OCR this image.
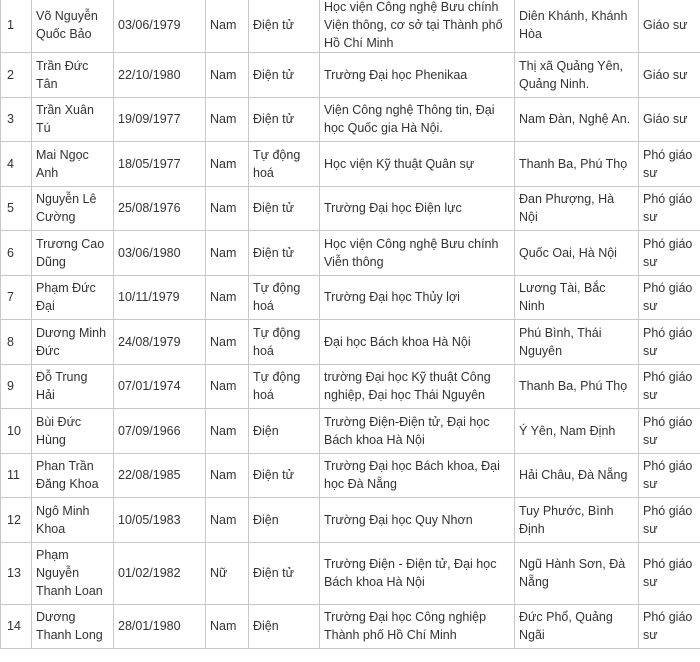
1	Võ Nguyễn Quốc Bảo	03/06/1979	Nam	Điện tử	Học viện Công nghệ Bưu chính Viện thông, cơ sở tại Thành phố Hồ Chí Minh	Diên Khánh, Khánh Hòa	Giáo sư
2	Trần Đức Tân	22/10/1980	Nam	Điện tử	Trường Đại học Phenikaa	Thị xã Quảng Yên, Quảng Ninh.	Giáo sư
3	Trần Xuân Tú	19/09/1977	Nam	Điện tử	Viện Công nghệ Thông tin, Đại học Quốc gia Hà Nội.	Nam Đàn, Nghệ An.	Giáo sư
4	Mai Ngọc Anh	18/05/1977	Nam	Tự động hoá	Học viện Kỹ thuật Quân sự	Thanh Ba, Phú Thọ	Phó giáo sư
5	Nguyễn Lê Cường	25/08/1976	Nam	Điện tử	Trường Đại học Điện lực	Đan Phượng, Hà Nội	Phó giáo sư
6	Trương Cao Dũng	03/06/1980	Nam	Điện tử	Học viện Công nghệ Bưu chính Viễn thông	Quốc Oai, Hà Nội	Phó giáo sư
7	Phạm Đức Đại	10/11/1979	Nam	Tự động hoá	Trường Đại học Thủy lợi	Lương Tài, Bắc Ninh	Phó giáo sư
8	Dương Minh Đức	24/08/1979	Nam	Tự động hoá	Đại học Bách khoa Hà Nội	Phú Bình, Thái Nguyên	Phó giáo sư
9	Đỗ Trung Hải	07/01/1974	Nam	Tự động hoá	trường Đại học Kỹ thuật Công nghiệp, Đại học Thái Nguyên	Thanh Ba, Phú Thọ	Phó giáo sư
10	Bùi Đức Hùng	07/09/1966	Nam	Điện	Trường Điện-Điện tử, Đại học Bách khoa Hà Nội	Ý Yên, Nam Định	Phó giáo sư
11	Phan Trần Đăng Khoa	22/08/1985	Nam	Điện tử	Trường Đại học Bách khoa, Đại học Đà Nẵng	Hải Châu, Đà Nẵng	Phó giáo sư
12	Ngô Minh Khoa	10/05/1983	Nam	Điện	Trường Đại học Quy Nhơn	Tuy Phước, Bình Định	Phó giáo sư
13	Phạm Nguyễn Thanh Loan	01/02/1982	Nữ	Điện tử	Trường Điện - Điện tử, Đại học Bách khoa Hà Nội	Ngũ Hành Sơn, Đà Nẵng	Phó giáo sư
14	Dương Thanh Long	28/01/1980	Nam	Điện	Trường Đại học Công nghiệp Thành phố Hồ Chí Minh	Đức Phổ, Quảng Ngãi	Phó giáo sư
